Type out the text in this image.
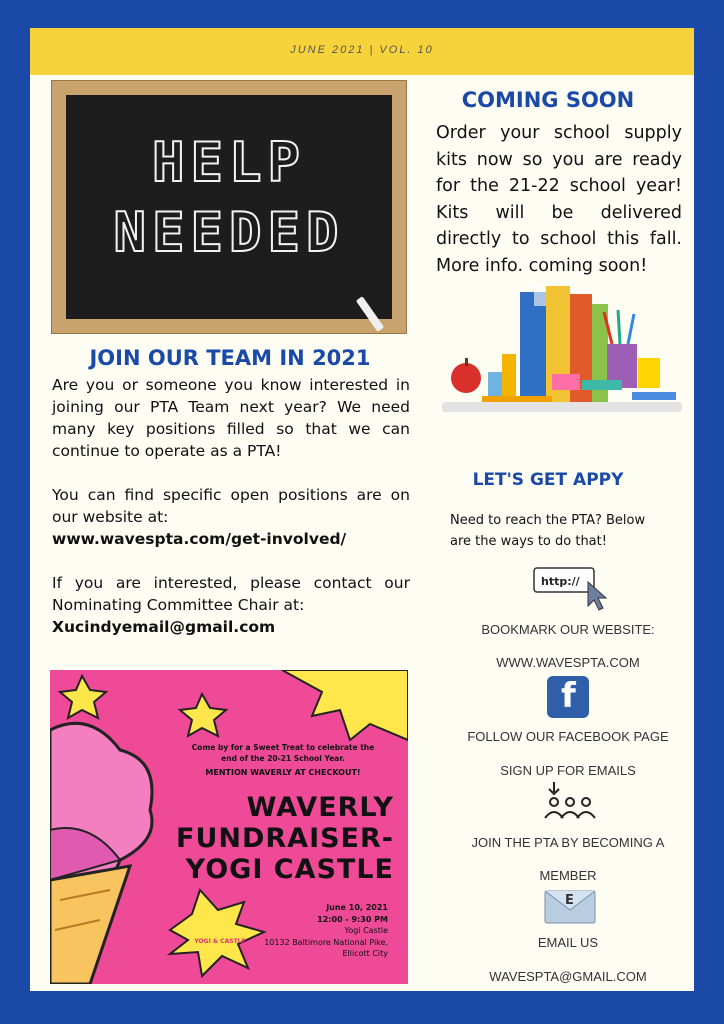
JUNE 2021 | VOL. 10
HELP
NEEDED
JOIN OUR TEAM IN 2021

Are you or someone you know interested in joining our PTA Team next year? We need many key positions filled so that we can continue to operate as a PTA!

You can find specific open positions are on our website at:
www.wavespta.com/get-involved/

If you are interested, please contact our Nominating Committee Chair at:
Xucindyemail@gmail.com

COMING SOON
Order your school supply kits now so you are ready for the 21-22 school year! Kits will be delivered directly to school this fall. More info. coming soon!
LET'S GET APPY
Need to reach the PTA? Below are the ways to do that!
http://
BOOKMARK OUR WEBSITE:
WWW.WAVESPTA.COM
f
FOLLOW OUR FACEBOOK PAGE
SIGN UP FOR EMAILS
JOIN THE PTA BY BECOMING A
MEMBER
E
EMAIL US
WAVESPTA@GMAIL.COM
Come by for a Sweet Treat to celebrate the
end of the 20-21 School Year.
MENTION WAVERLY AT CHECKOUT!
WAVERLY
FUNDRAISER-
YOGI CASTLE
June 10, 2021
12:00 - 9:30 PM
Yogi Castle
10132 Baltimore National Pike,
Ellicott City
YOGI & CASTLE
